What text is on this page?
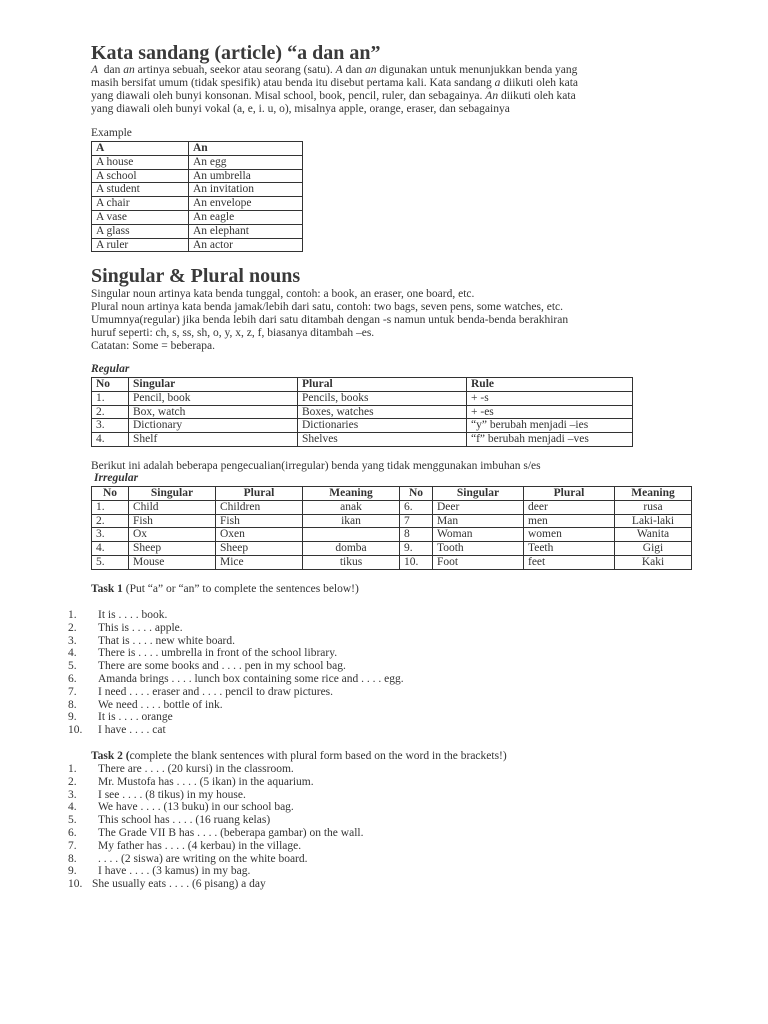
Kata sandang (article) “a dan an”
A dan an artinya sebuah, seekor atau seorang (satu). A dan an digunakan untuk menunjukkan benda yang
masih bersifat umum (tidak spesifik) atau benda itu disebut pertama kali. Kata sandang a diikuti oleh kata
yang diawali oleh bunyi konsonan. Misal school, book, pencil, ruler, dan sebagainya. An diikuti oleh kata
yang diawali oleh bunyi vokal (a, e, i. u, o), misalnya apple, orange, eraser, dan sebagainya
Example
A	An
A house	An egg
A school	An umbrella
A student	An invitation
A chair	An envelope
A vase	An eagle
A glass	An elephant
A ruler	An actor
Singular & Plural nouns
Singular noun artinya kata benda tunggal, contoh: a book, an eraser, one board, etc.
Plural noun artinya kata benda jamak/lebih dari satu, contoh: two bags, seven pens, some watches, etc.
Umumnya(regular) jika benda lebih dari satu ditambah dengan -s namun untuk benda-benda berakhiran
huruf seperti: ch, s, ss, sh, o, y, x, z, f, biasanya ditambah –es.
Catatan: Some = beberapa.
Regular
No	Singular	Plural	Rule
1.	Pencil, book	Pencils, books	+ -s
2.	Box, watch	Boxes, watches	+ -es
3.	Dictionary	Dictionaries	“y” berubah menjadi –ies
4.	Shelf	Shelves	“f” berubah menjadi –ves
Berikut ini adalah beberapa pengecualian(irregular) benda yang tidak menggunakan imbuhan s/es
Irregular
No	Singular	Plural	Meaning	No	Singular	Plural	Meaning
1.	Child	Children	anak	6.	Deer	deer	rusa
2.	Fish	Fish	ikan	7	Man	men	Laki-laki
3.	Ox	Oxen		8	Woman	women	Wanita
4.	Sheep	Sheep	domba	9.	Tooth	Teeth	Gigi
5.	Mouse	Mice	tikus	10.	Foot	feet	Kaki
Task 1 (Put “a” or “an” to complete the sentences below!)
1. It is . . . . book.
2. This is . . . . apple.
3. That is . . . . new white board.
4. There is . . . . umbrella in front of the school library.
5. There are some books and . . . . pen in my school bag.
6. Amanda brings . . . . lunch box containing some rice and . . . . egg.
7. I need . . . . eraser and . . . . pencil to draw pictures.
8. We need . . . . bottle of ink.
9. It is . . . . orange
10. I have . . . . cat
Task 2 (complete the blank sentences with plural form based on the word in the brackets!)
1. There are . . . . (20 kursi) in the classroom.
2. Mr. Mustofa has . . . . (5 ikan) in the aquarium.
3. I see . . . . (8 tikus) in my house.
4. We have . . . . (13 buku) in our school bag.
5. This school has . . . . (16 ruang kelas)
6. The Grade VII B has . . . . (beberapa gambar) on the wall.
7. My father has . . . . (4 kerbau) in the village.
8. . . . . (2 siswa) are writing on the white board.
9. I have . . . . (3 kamus) in my bag.
10. She usually eats . . . . (6 pisang) a day
